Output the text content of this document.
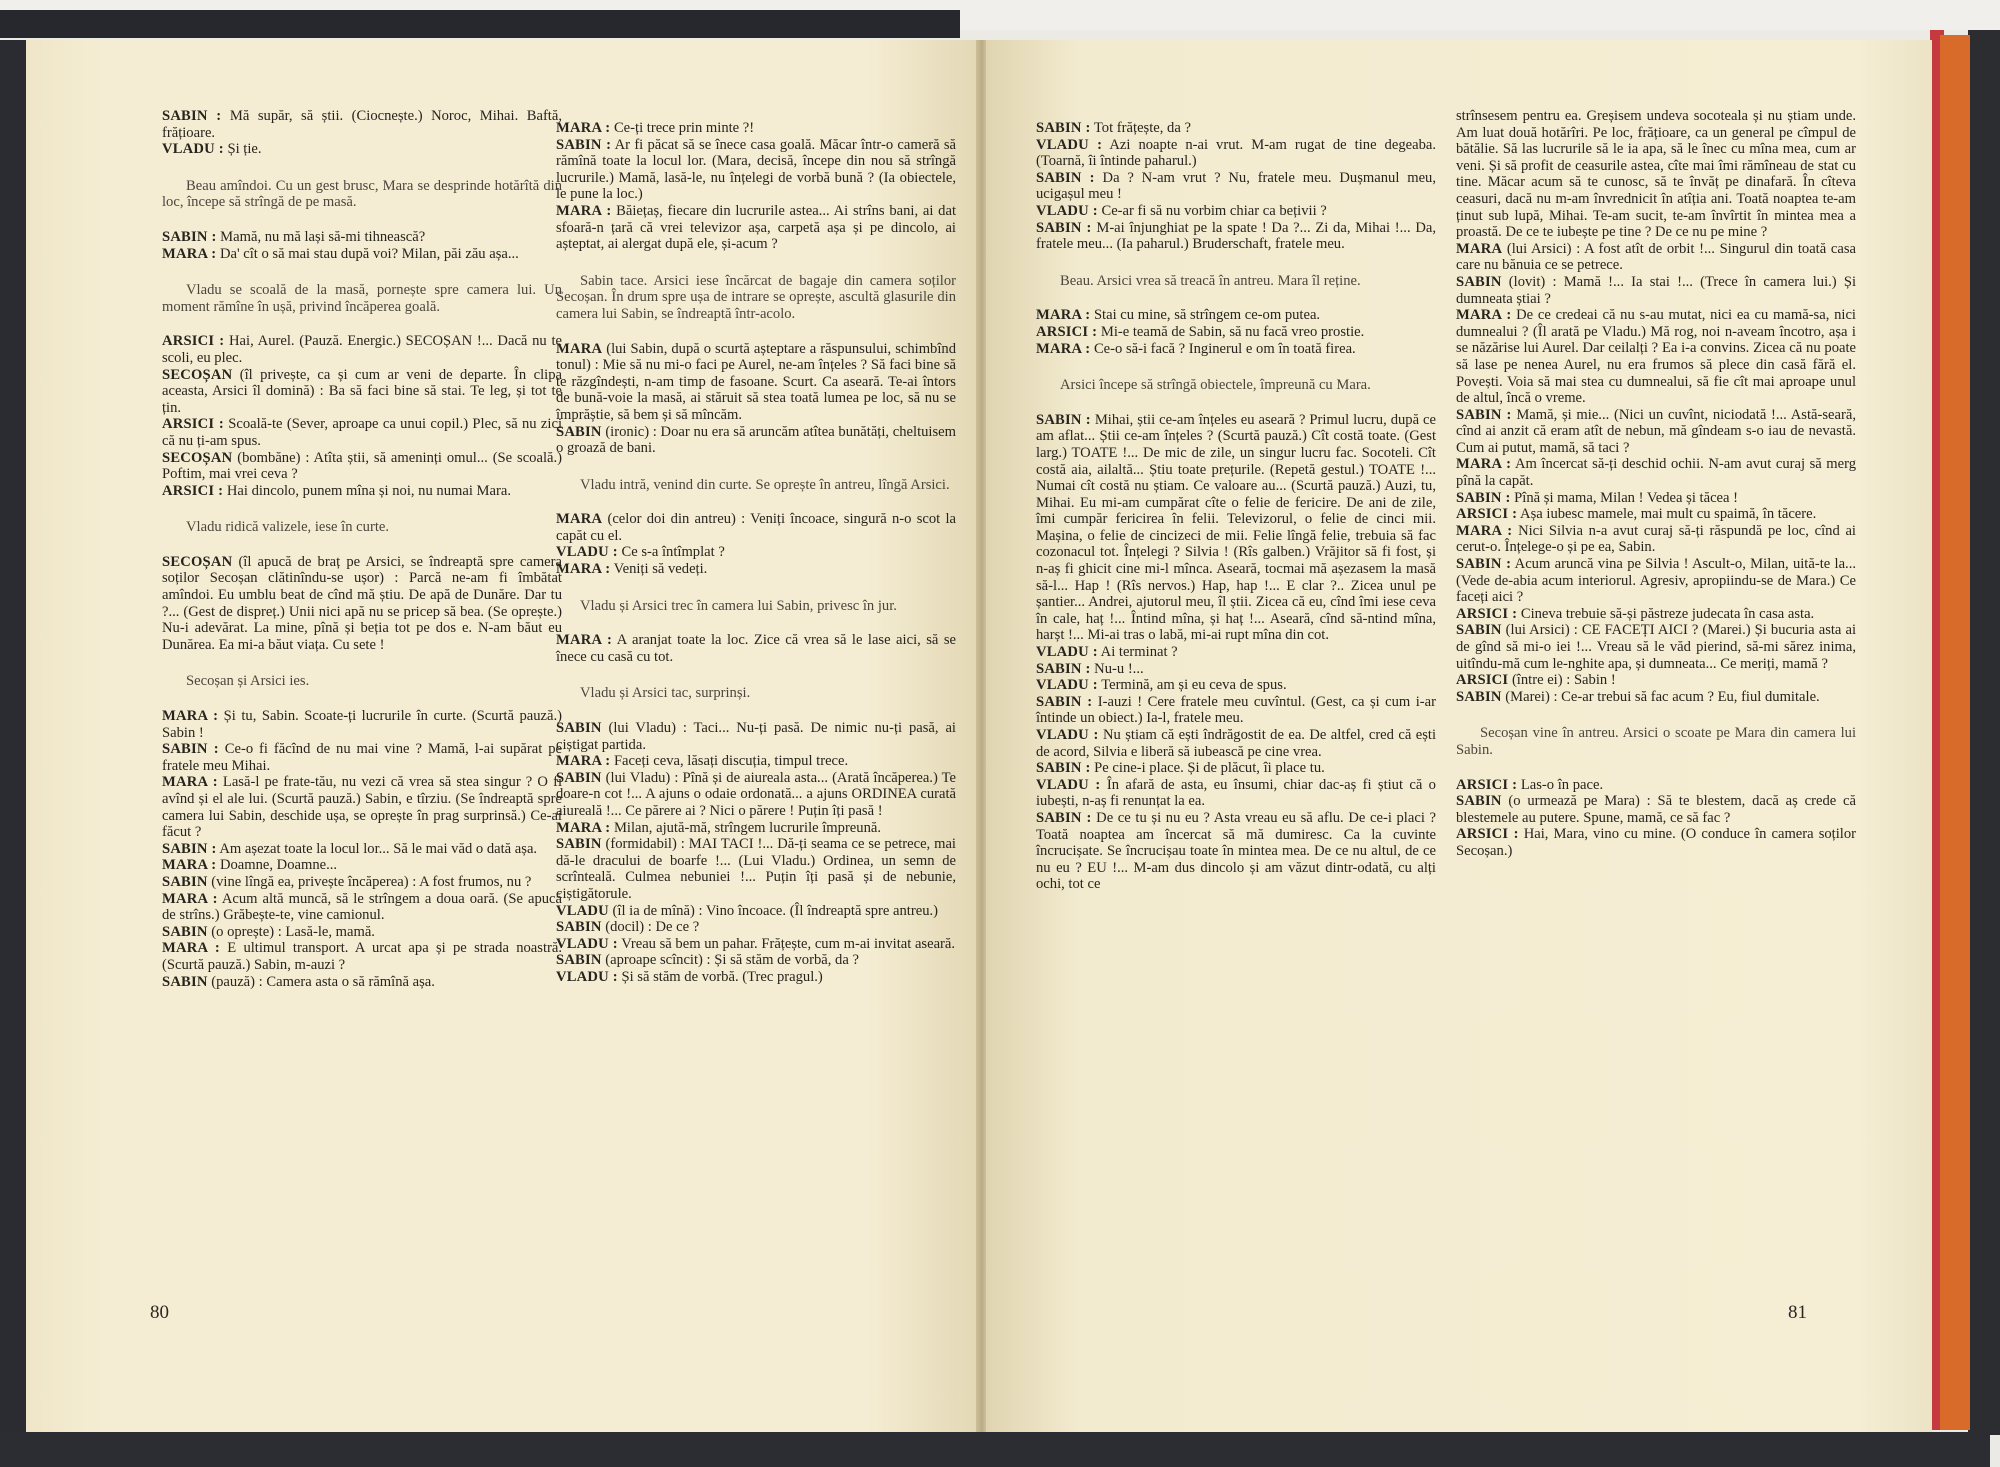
SABIN : Mă supăr, să știi. (Ciocnește.) Noroc, Mihai. Baftă, frățioare.

VLADU : Și ție.

Beau amîndoi. Cu un gest brusc, Mara se desprinde hotărîtă din loc, începe să strîngă de pe masă.

SABIN : Mamă, nu mă lași să-mi tihnească?

MARA : Da' cît o să mai stau după voi? Milan, păi zău așa...

Vladu se scoală de la masă, pornește spre camera lui. Un moment rămîne în ușă, privind încăperea goală.

ARSICI : Hai, Aurel. (Pauză. Energic.) SECOȘAN !... Dacă nu te scoli, eu plec.

SECOȘAN (îl privește, ca și cum ar veni de departe. În clipa aceasta, Arsici îl domină) : Ba să faci bine să stai. Te leg, și tot te țin.

ARSICI : Scoală-te (Sever, aproape ca unui copil.) Plec, să nu zici că nu ți-am spus.

SECOȘAN (bombăne) : Atîta știi, să ameninți omul... (Se scoală.) Poftim, mai vrei ceva ?

ARSICI : Hai dincolo, punem mîna și noi, nu numai Mara.

Vladu ridică valizele, iese în curte.

SECOȘAN (îl apucă de braț pe Arsici, se îndreaptă spre camera soților Secoșan clătinîndu-se ușor) : Parcă ne-am fi îmbătat amîndoi. Eu umblu beat de cînd mă știu. De apă de Dunăre. Dar tu ?... (Gest de dispreț.) Unii nici apă nu se pricep să bea. (Se oprește.) Nu-i adevărat. La mine, pînă și beția tot pe dos e. N-am băut eu Dunărea. Ea mi-a băut viața. Cu sete !

Secoșan și Arsici ies.

MARA : Și tu, Sabin. Scoate-ți lucrurile în curte. (Scurtă pauză.) Sabin !

SABIN : Ce-o fi făcînd de nu mai vine ? Mamă, l-ai supărat pe fratele meu Mihai.

MARA : Lasă-l pe frate-tău, nu vezi că vrea să stea singur ? O fi avînd și el ale lui. (Scurtă pauză.) Sabin, e tîrziu. (Se îndreaptă spre camera lui Sabin, deschide ușa, se oprește în prag surprinsă.) Ce-ai făcut ?

SABIN : Am așezat toate la locul lor... Să le mai văd o dată așa.

MARA : Doamne, Doamne...

SABIN (vine lîngă ea, privește încăperea) : A fost frumos, nu ?

MARA : Acum altă muncă, să le strîngem a doua oară. (Se apucă de strîns.) Grăbește-te, vine camionul.

SABIN (o oprește) : Lasă-le, mamă.

MARA : E ultimul transport. A urcat apa și pe strada noastră. (Scurtă pauză.) Sabin, m-auzi ?

SABIN (pauză) : Camera asta o să rămînă așa.

MARA : Ce-ți trece prin minte ?!

SABIN : Ar fi păcat să se înece casa goală. Măcar într-o cameră să rămînă toate la locul lor. (Mara, decisă, începe din nou să strîngă lucrurile.) Mamă, lasă-le, nu înțelegi de vorbă bună ? (Ia obiectele, le pune la loc.)

MARA : Băiețaș, fiecare din lucrurile astea... Ai strîns bani, ai dat sfoară-n țară că vrei televizor așa, carpetă așa și pe dincolo, ai așteptat, ai alergat după ele, și-acum ?

Sabin tace. Arsici iese încărcat de bagaje din camera soților Secoșan. În drum spre ușa de intrare se oprește, ascultă glasurile din camera lui Sabin, se îndreaptă într-acolo.

MARA (lui Sabin, după o scurtă așteptare a răspunsului, schimbînd tonul) : Mie să nu mi-o faci pe Aurel, ne-am înțeles ? Să faci bine să te răzgîndești, n-am timp de fasoane. Scurt. Ca aseară. Te-ai întors de bună-voie la masă, ai stăruit să stea toată lumea pe loc, să nu se împrăștie, să bem și să mîncăm.

SABIN (ironic) : Doar nu era să aruncăm atîtea bunătăți, cheltuisem o groază de bani.

Vladu intră, venind din curte. Se oprește în antreu, lîngă Arsici.

MARA (celor doi din antreu) : Veniți încoace, singură n-o scot la capăt cu el.

VLADU : Ce s-a întîmplat ?

MARA : Veniți să vedeți.

Vladu și Arsici trec în camera lui Sabin, privesc în jur.

MARA : A aranjat toate la loc. Zice că vrea să le lase aici, să se înece cu casă cu tot.

Vladu și Arsici tac, surprinși.

SABIN (lui Vladu) : Taci... Nu-ți pasă. De nimic nu-ți pasă, ai ciștigat partida.

MARA : Faceți ceva, lăsați discuția, timpul trece.

SABIN (lui Vladu) : Pînă și de aiureala asta... (Arată încăperea.) Te doare-n cot !... A ajuns o odaie ordonată... a ajuns ORDINEA curată aiureală !... Ce părere ai ? Nici o părere ! Puțin îți pasă !

MARA : Milan, ajută-mă, strîngem lucrurile împreună.

SABIN (formidabil) : MAI TACI !... Dă-ți seama ce se petrece, mai dă-le dracului de boarfe !... (Lui Vladu.) Ordinea, un semn de scrînteală. Culmea nebuniei !... Puțin îți pasă și de nebunie, ciștigătorule.

VLADU (îl ia de mînă) : Vino încoace. (Îl îndreaptă spre antreu.)

SABIN (docil) : De ce ?

VLADU : Vreau să bem un pahar. Frățește, cum m-ai invitat aseară.

SABIN (aproape scîncit) : Și să stăm de vorbă, da ?

VLADU : Și să stăm de vorbă. (Trec pragul.)

80

SABIN : Tot frățește, da ?

VLADU : Azi noapte n-ai vrut. M-am rugat de tine degeaba. (Toarnă, îi întinde paharul.)

SABIN : Da ? N-am vrut ? Nu, fratele meu. Dușmanul meu, ucigașul meu !

VLADU : Ce-ar fi să nu vorbim chiar ca bețivii ?

SABIN : M-ai înjunghiat pe la spate ! Da ?... Zi da, Mihai !... Da, fratele meu... (Ia paharul.) Bruderschaft, fratele meu.

Beau. Arsici vrea să treacă în antreu. Mara îl reține.

MARA : Stai cu mine, să strîngem ce-om putea.

ARSICI : Mi-e teamă de Sabin, să nu facă vreo prostie.

MARA : Ce-o să-i facă ? Inginerul e om în toată firea.

Arsici începe să strîngă obiectele, împreună cu Mara.

SABIN : Mihai, știi ce-am înțeles eu aseară ? Primul lucru, după ce am aflat... Știi ce-am înțeles ? (Scurtă pauză.) Cît costă toate. (Gest larg.) TOATE !... De mic de zile, un singur lucru fac. Socoteli. Cît costă aia, ailaltă... Știu toate prețurile. (Repetă gestul.) TOATE !... Numai cît costă nu știam. Ce valoare au... (Scurtă pauză.) Auzi, tu, Mihai. Eu mi-am cumpărat cîte o felie de fericire. De ani de zile, îmi cumpăr fericirea în felii. Televizorul, o felie de cinci mii. Mașina, o felie de cincizeci de mii. Felie lîngă felie, trebuia să fac cozonacul tot. Înțelegi ? Silvia ! (Rîs galben.) Vrăjitor să fi fost, și n-aș fi ghicit cine mi-l mînca. Aseară, tocmai mă așezasem la masă să-l... Hap ! (Rîs nervos.) Hap, hap !... E clar ?.. Zicea unul pe șantier... Andrei, ajutorul meu, îl știi. Zicea că eu, cînd îmi iese ceva în cale, haț !... Întind mîna, și haț !... Aseară, cînd să-ntind mîna, harșt !... Mi-ai tras o labă, mi-ai rupt mîna din cot.

VLADU : Ai terminat ?

SABIN : Nu-u !...

VLADU : Termină, am și eu ceva de spus.

SABIN : I-auzi ! Cere fratele meu cuvîntul. (Gest, ca și cum i-ar întinde un obiect.) Ia-l, fratele meu.

VLADU : Nu știam că ești îndrăgostit de ea. De altfel, cred că ești de acord, Silvia e liberă să iubească pe cine vrea.

SABIN : Pe cine-i place. Și de plăcut, îi place tu.

VLADU : În afară de asta, eu însumi, chiar dac-aș fi știut că o iubești, n-aș fi renunțat la ea.

SABIN : De ce tu și nu eu ? Asta vreau eu să aflu. De ce-i placi ? Toată noaptea am încercat să mă dumiresc. Ca la cuvinte încrucișate. Se încrucișau toate în mintea mea. De ce nu altul, de ce nu eu ? EU !... M-am dus dincolo și am văzut dintr-odată, cu alți ochi, tot ce

strînsesem pentru ea. Greșisem undeva socoteala și nu știam unde. Am luat două hotărîri. Pe loc, frățioare, ca un general pe cîmpul de bătălie. Să las lucrurile să le ia apa, să le înec cu mîna mea, cum ar veni. Și să profit de ceasurile astea, cîte mai îmi rămîneau de stat cu tine. Măcar acum să te cunosc, să te învăț pe dinafară. În cîteva ceasuri, dacă nu m-am învrednicit în atîția ani. Toată noaptea te-am ținut sub lupă, Mihai. Te-am sucit, te-am învîrtit în mintea mea a proastă. De ce te iubește pe tine ? De ce nu pe mine ?

MARA (lui Arsici) : A fost atît de orbit !... Singurul din toată casa care nu bănuia ce se petrece.

SABIN (lovit) : Mamă !... Ia stai !... (Trece în camera lui.) Și dumneata știai ?

MARA : De ce credeai că nu s-au mutat, nici ea cu mamă-sa, nici dumnealui ? (Îl arată pe Vladu.) Mă rog, noi n-aveam încotro, așa i se năzărise lui Aurel. Dar ceilalți ? Ea i-a convins. Zicea că nu poate să lase pe nenea Aurel, nu era frumos să plece din casă fără el. Povești. Voia să mai stea cu dumnealui, să fie cît mai aproape unul de altul, încă o vreme.

SABIN : Mamă, și mie... (Nici un cuvînt, niciodată !... Astă-seară, cînd ai anzit că eram atît de nebun, mă gîndeam s-o iau de nevastă. Cum ai putut, mamă, să taci ?

MARA : Am încercat să-ți deschid ochii. N-am avut curaj să merg pînă la capăt.

SABIN : Pînă și mama, Milan ! Vedea și tăcea !

ARSICI : Așa iubesc mamele, mai mult cu spaimă, în tăcere.

MARA : Nici Silvia n-a avut curaj să-ți răspundă pe loc, cînd ai cerut-o. Înțelege-o și pe ea, Sabin.

SABIN : Acum aruncă vina pe Silvia ! Ascult-o, Milan, uită-te la... (Vede de-abia acum interiorul. Agresiv, apropiindu-se de Mara.) Ce faceți aici ?

ARSICI : Cineva trebuie să-și păstreze judecata în casa asta.

SABIN (lui Arsici) : CE FACEȚI AICI ? (Marei.) Și bucuria asta ai de gînd să mi-o iei !... Vreau să le văd pierind, să-mi sărez inima, uitîndu-mă cum le-nghite apa, și dumneata... Ce meriți, mamă ?

ARSICI (între ei) : Sabin !

SABIN (Marei) : Ce-ar trebui să fac acum ? Eu, fiul dumitale.

Secoșan vine în antreu. Arsici o scoate pe Mara din camera lui Sabin.

ARSICI : Las-o în pace.

SABIN (o urmează pe Mara) : Să te blestem, dacă aș crede că blestemele au putere. Spune, mamă, ce să fac ?

ARSICI : Hai, Mara, vino cu mine. (O conduce în camera soților Secoșan.)

81
